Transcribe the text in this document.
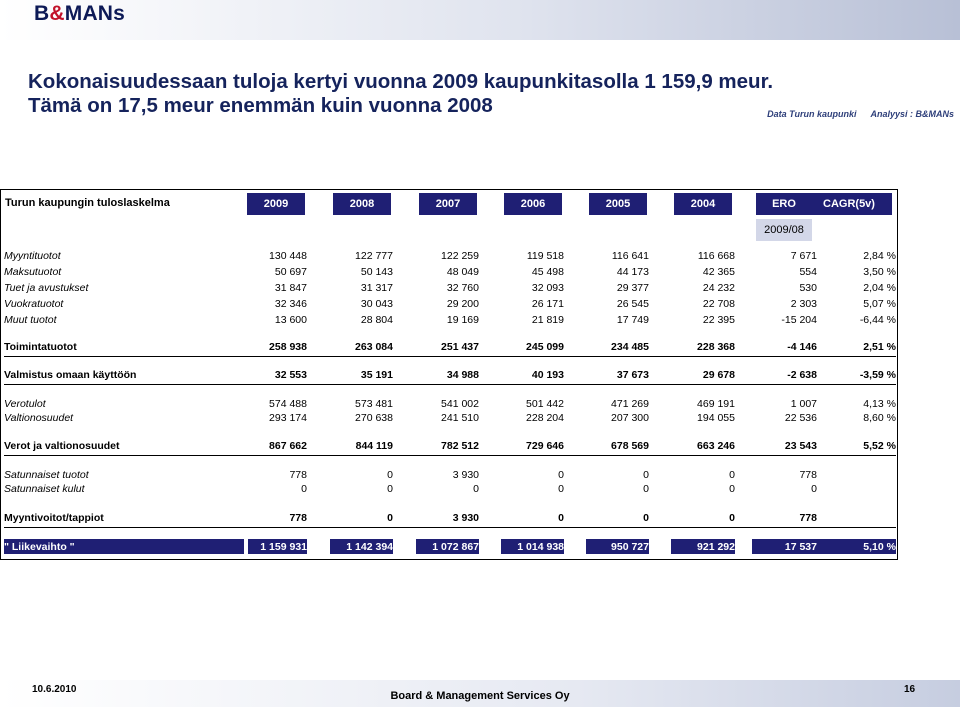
B&MANs
Kokonaisuudessaan tuloja kertyi vuonna 2009 kaupunkitasolla 1 159,9 meur. Tämä on 17,5 meur enemmän kuin vuonna 2008	Data Turun kaupunki Analyysi : B&MANs
Turun kaupungin tuloslaskelma	2009	2008	2007	2006	2005	2004	ERO	CAGR(5v)
2009/08
Myyntituotot	130 448	122 777	122 259	119 518	116 641	116 668	7 671	2,84 %
Maksutuotot	50 697	50 143	48 049	45 498	44 173	42 365	554	3,50 %
Tuet ja avustukset	31 847	31 317	32 760	32 093	29 377	24 232	530	2,04 %
Vuokratuotot	32 346	30 043	29 200	26 171	26 545	22 708	2 303	5,07 %
Muut tuotot	13 600	28 804	19 169	21 819	17 749	22 395	-15 204	-6,44 %
Toimintatuotot	258 938	263 084	251 437	245 099	234 485	228 368	-4 146	2,51 %
Valmistus omaan käyttöön	32 553	35 191	34 988	40 193	37 673	29 678	-2 638	-3,59 %
Verotulot	574 488	573 481	541 002	501 442	471 269	469 191	1 007	4,13 %
Valtionosuudet	293 174	270 638	241 510	228 204	207 300	194 055	22 536	8,60 %
Verot ja valtionosuudet	867 662	844 119	782 512	729 646	678 569	663 246	23 543	5,52 %
Satunnaiset tuotot	778	0	3 930	0	0	0	778
Satunnaiset kulut	0	0	0	0	0	0	0
Myyntivoitot/tappiot	778	0	3 930	0	0	0	778
" Liikevaihto "	1 159 931	1 142 394	1 072 867	1 014 938	950 727	921 292	17 537	5,10 %
10.6.2010
Board & Management Services Oy
16
